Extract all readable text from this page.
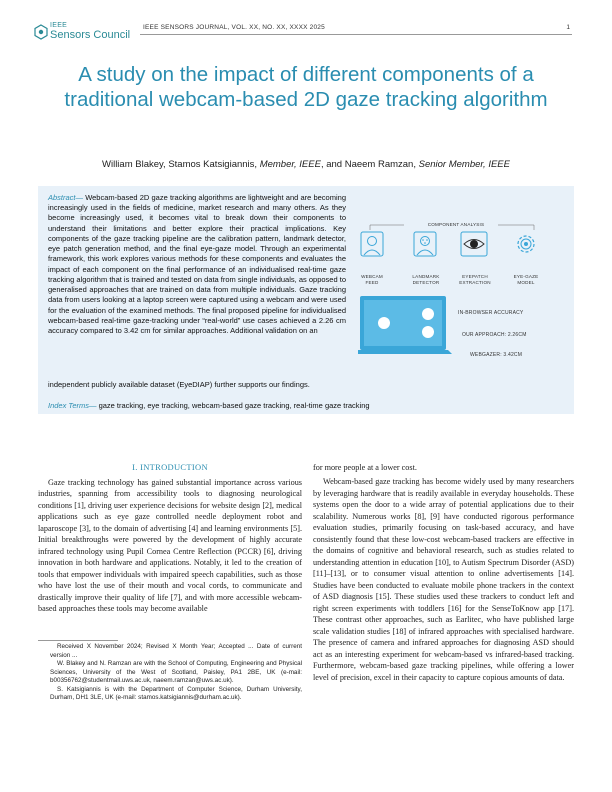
IEEE
Sensors Council
IEEE SENSORS JOURNAL, VOL. XX, NO. XX, XXXX 2025	1
A study on the impact of different components of a traditional webcam-based 2D gaze tracking algorithm
William Blakey, Stamos Katsigiannis, Member, IEEE, and Naeem Ramzan, Senior Member, IEEE
Abstract— Webcam-based 2D gaze tracking algorithms are lightweight and are becoming increasingly used in the fields of medicine, market research and many others. As they become increasingly used, it becomes vital to break down their components to understand their limitations and better explore their practical implications. Key components of the gaze tracking pipeline are the calibration pattern, landmark detector, eye patch generation method, and the final eye-gaze model. Through an experimental framework, this work explores various methods for these components and evaluates the impact of each component on the final performance of an individualised real-time gaze tracking algorithm that is trained and tested on data from single individuals, as opposed to generalised approaches that are trained on data from multiple individuals. Gaze tracking data from users looking at a laptop screen were captured using a webcam and were used for the evaluation of the examined methods. The final proposed pipeline for individualised webcam-based real-time gaze-tracking under “real-world” use cases achieved a 2.26 cm accuracy compared to 3.42 cm for similar approaches. Additional validation on an
independent publicly available dataset (EyeDIAP) further supports our findings.
Index Terms— gaze tracking, eye tracking, webcam-based gaze tracking, real-time gaze tracking
COMPONENT ANALYSIS
WEBCAM
FEED
LANDMARK
DETECTOR
EYEPATCH
EXTRACTION
EYE-GAZE
MODEL
IN-BROWSER ACCURACY
OUR APPROACH: 2.26CM
WEBGAZER: 3.42CM
I. INTRODUCTION
Gaze tracking technology has gained substantial importance across various industries, spanning from accessibility tools to diagnosing neurological conditions [1], driving user experience decisions for website design [2], medical applications such as eye gaze controlled needle deployment robot and laparoscope [3], to the domain of advertising [4] and learning environments [5]. Initial breakthroughs were powered by the development of highly accurate infrared technology using Pupil Cornea Centre Reflection (PCCR) [6], driving innovation in both hardware and applications. Notably, it led to the creation of tools that empower individuals with impaired speech capabilities, such as those who have lost the use of their mouth and vocal cords, to communicate and drastically improve their quality of life [7], and with more accessible webcam-based approaches these tools may become available

for more people at a lower cost.

Webcam-based gaze tracking has become widely used by many researchers by leveraging hardware that is readily available in everyday households. These systems open the door to a wide array of potential applications due to their scalability. Numerous works [8], [9] have conducted rigorous performance evaluation studies, primarily focusing on task-based accuracy, and have consistently found that these low-cost webcam-based trackers are effective in the domains of cognitive and behavioral research, such as studies related to understanding attention in education [10], to Autism Spectrum Disorder (ASD) [11]–[13], or to consumer visual attention to online advertisements [14]. Studies have been conducted to evaluate mobile phone trackers in the context of ASD diagnosis [15]. These studies used these trackers to conduct left and right screen experiments with toddlers [16] for the SenseToKnow app [17]. These contrast other approaches, such as Earlitec, who have published large scale validation studies [18] of infrared approaches with specialised hardware. The presence of camera and infrared approaches for diagnosing ASD should act as an interesting experiment for webcam-based vs infrared-based tracking. Furthermore, webcam-based gaze tracking pipelines, while offering a lower level of precision, excel in their capacity to capture copious amounts of data.

Received X November 2024; Revised X Month Year; Accepted ... Date of current version ...

W. Blakey and N. Ramzan are with the School of Computing, Engineering and Physical Sciences, University of the West of Scotland, Paisley, PA1 2BE, UK (e-mail: b00356762@studentmail.uws.ac.uk, naeem.ramzan@uws.ac.uk).

S. Katsigiannis is with the Department of Computer Science, Durham University, Durham, DH1 3LE, UK (e-mail: stamos.katsigiannis@durham.ac.uk).
